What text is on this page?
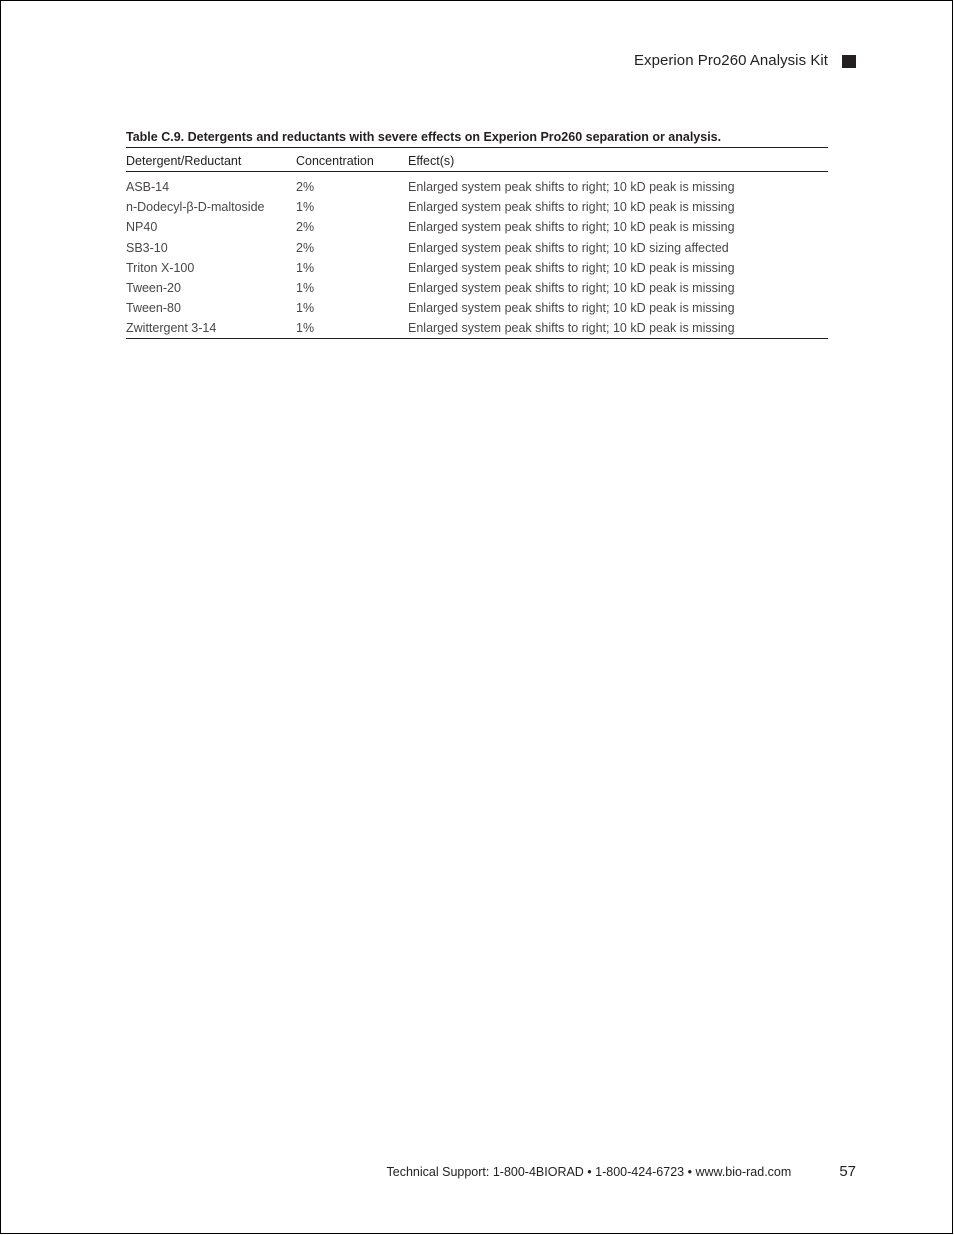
Experion Pro260 Analysis Kit
Table C.9. Detergents and reductants with severe effects on Experion Pro260 separation or analysis.
Detergent/Reductant	Concentration	Effect(s)

ASB-14	2%	Enlarged system peak shifts to right; 10 kD peak is missing
n-Dodecyl-β-D-maltoside	1%	Enlarged system peak shifts to right; 10 kD peak is missing
NP40	2%	Enlarged system peak shifts to right; 10 kD peak is missing
SB3-10	2%	Enlarged system peak shifts to right; 10 kD sizing affected
Triton X-100	1%	Enlarged system peak shifts to right; 10 kD peak is missing
Tween-20	1%	Enlarged system peak shifts to right; 10 kD peak is missing
Tween-80	1%	Enlarged system peak shifts to right; 10 kD peak is missing
Zwittergent 3-14	1%	Enlarged system peak shifts to right; 10 kD peak is missing
Technical Support: 1-800-4BIORAD • 1-800-424-6723 • www.bio-rad.com	57
